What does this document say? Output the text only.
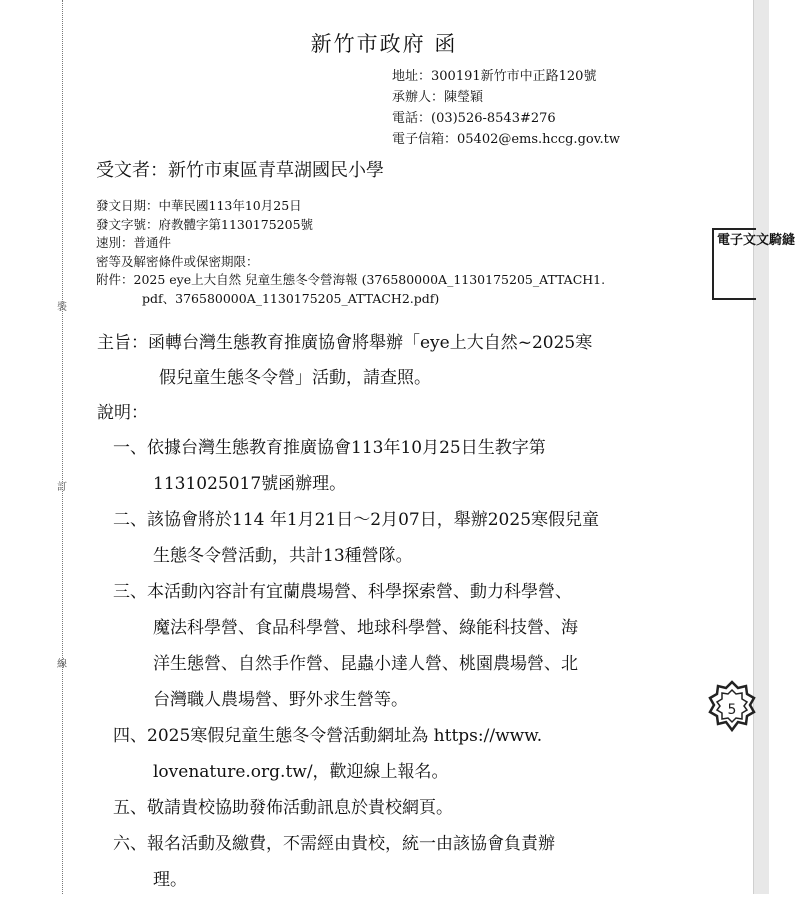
裝
訂
線
新竹市政府 函
地址：300191新竹市中正路120號
承辦人：陳瑩穎
電話：(03)526-8543#276
電子信箱：05402@ems.hccg.gov.tw
受文者：新竹市東區青草湖國民小學
發文日期：中華民國113年10月25日
發文字號：府教體字第1130175205號
速別：普通件
密等及解密條件或保密期限：
附件：2025 eye上大自然 兒童生態冬令營海報 (376580000A_1130175205_ATTACH1.
pdf、376580000A_1130175205_ATTACH2.pdf)
主旨：函轉台灣生態教育推廣協會將舉辦「eye上大自然~2025寒
假兒童生態冬令營」活動，請查照。
說明：
一、依據台灣生態教育推廣協會113年10月25日生教字第
1131025017號函辦理。
二、該協會將於114 年1月21日～2月07日，舉辦2025寒假兒童
生態冬令營活動，共計13種營隊。
三、本活動內容計有宜蘭農場營、科學探索營、動力科學營、
魔法科學營、食品科學營、地球科學營、綠能科技營、海
洋生態營、自然手作營、昆蟲小達人營、桃園農場營、北
台灣職人農場營、野外求生營等。
四、2025寒假兒童生態冬令營活動網址為 https://www.
lovenature.org.tw/，歡迎線上報名。
五、敬請貴校協助發佈活動訊息於貴校網頁。
六、報名活動及繳費，不需經由貴校，統一由該協會負責辦
理。
電子文文騎縫
5
